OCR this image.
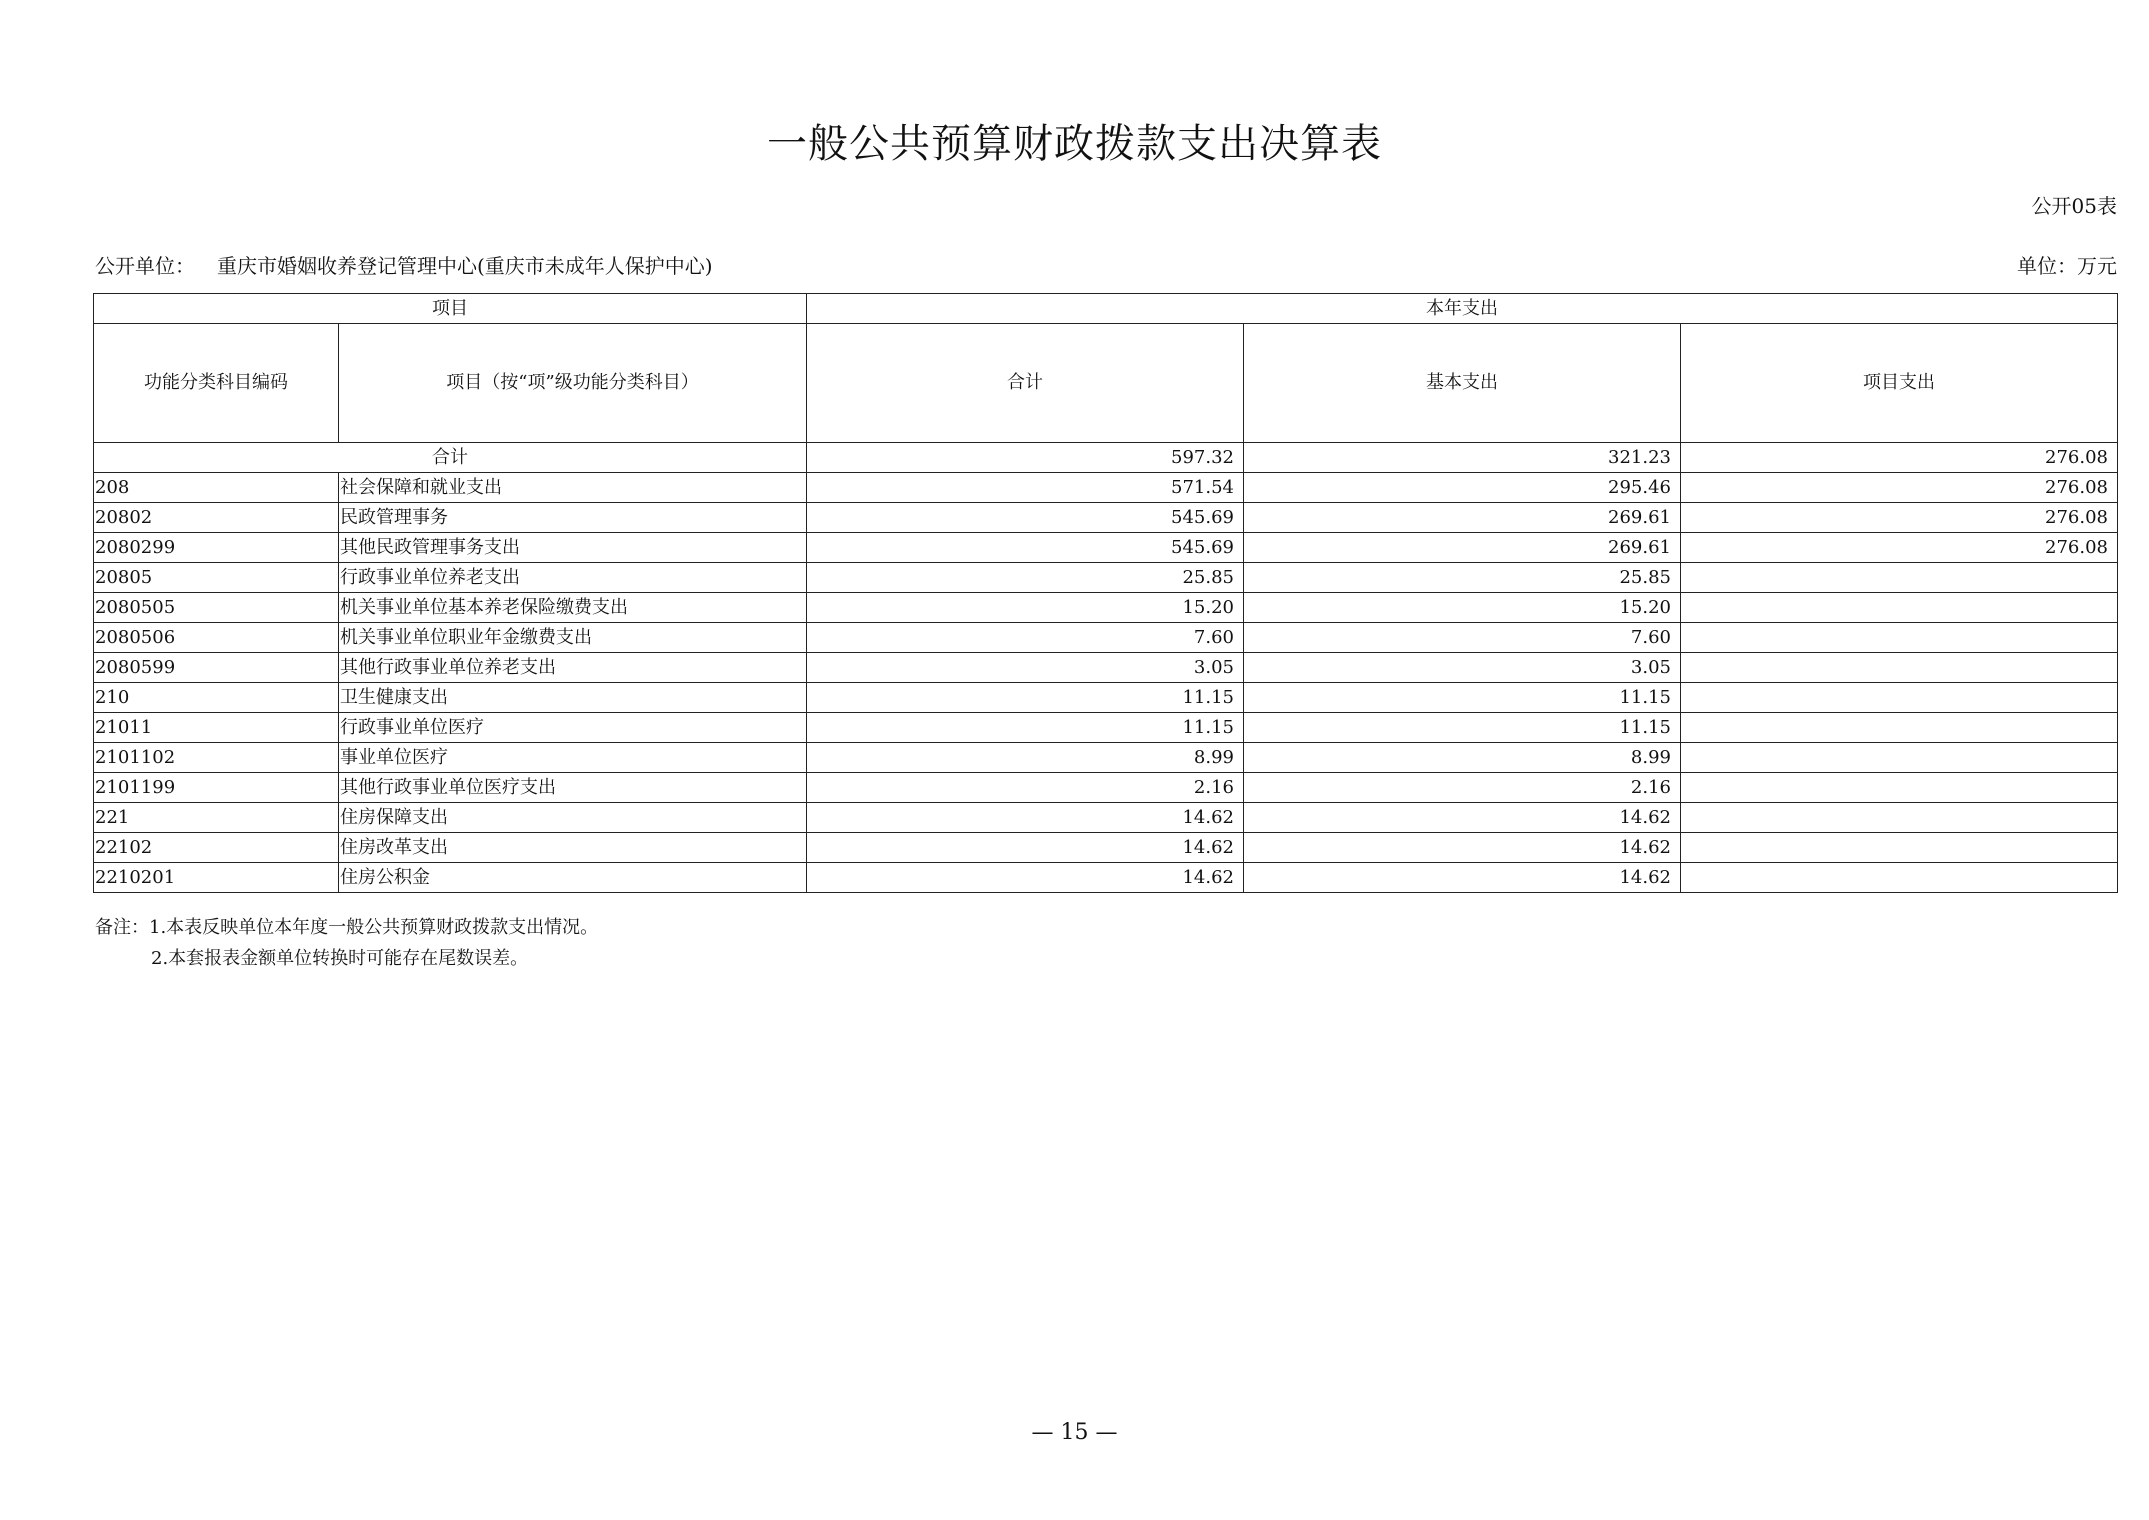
一般公共预算财政拨款支出决算表
公开05表
公开单位： 重庆市婚姻收养登记管理中心(重庆市未成年人保护中心)	单位：万元
项目		本年支出		
功能分类科目编码	项目（按“项”级功能分类科目）	合计	基本支出	项目支出
合计		597.32	321.23	276.08
208	社会保障和就业支出	571.54	295.46	276.08
20802	民政管理事务	545.69	269.61	276.08
2080299	其他民政管理事务支出	545.69	269.61	276.08
20805	行政事业单位养老支出	25.85	25.85	
2080505	机关事业单位基本养老保险缴费支出	15.20	15.20	
2080506	机关事业单位职业年金缴费支出	7.60	7.60	
2080599	其他行政事业单位养老支出	3.05	3.05	
210	卫生健康支出	11.15	11.15	
21011	行政事业单位医疗	11.15	11.15	
2101102	事业单位医疗	8.99	8.99	
2101199	其他行政事业单位医疗支出	2.16	2.16	
221	住房保障支出	14.62	14.62	
22102	住房改革支出	14.62	14.62	
2210201	住房公积金	14.62	14.62	
备注：1.本表反映单位本年度一般公共预算财政拨款支出情况。
2.本套报表金额单位转换时可能存在尾数误差。
— 15 —
